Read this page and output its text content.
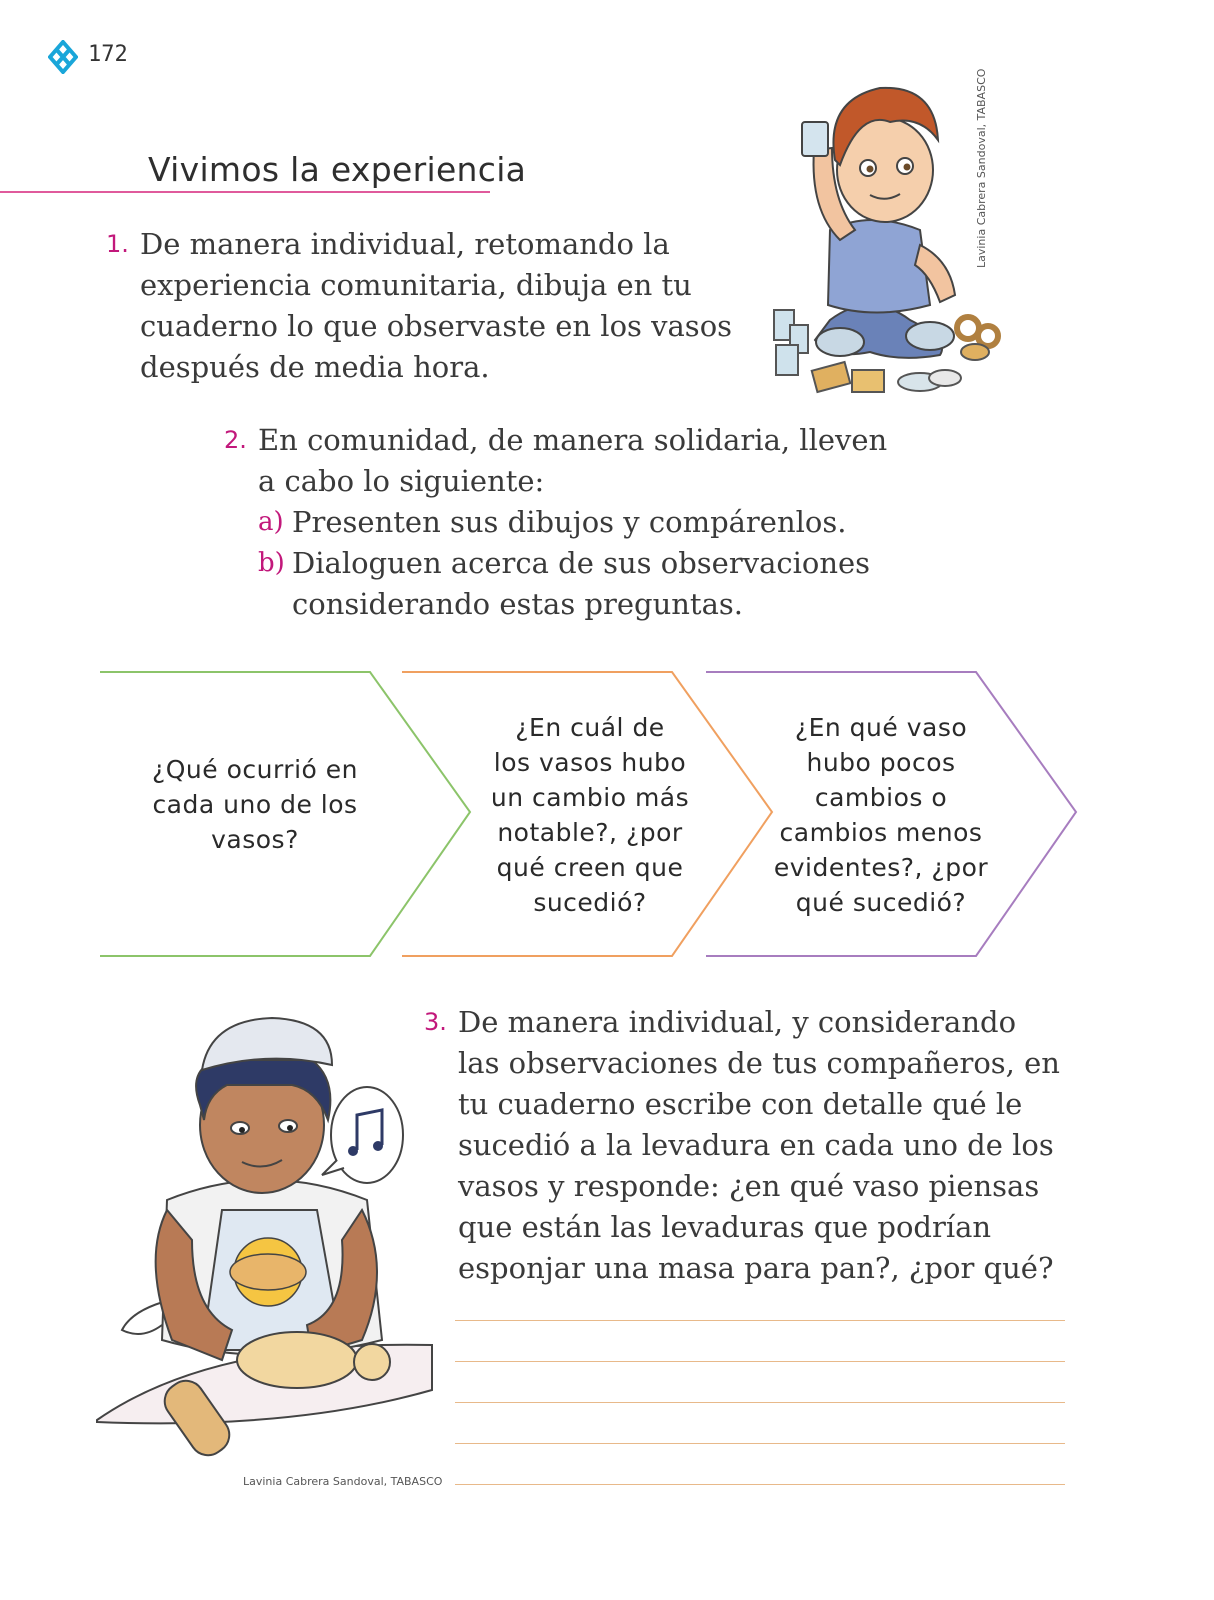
172
Vivimos la experiencia
1. De manera individual, retomando la
experiencia comunitaria, dibuja en tu
cuaderno lo que observaste en los vasos
después de media hora.
Lavinia Cabrera Sandoval, TABASCO
2. En comunidad, de manera solidaria, lleven
a cabo lo siguiente:
a) Presenten sus dibujos y compárenlos.
b) Dialoguen acerca de sus observaciones
considerando estas preguntas.
¿Qué ocurrió en
cada uno de los
vasos?
¿En cuál de
los vasos hubo
un cambio más
notable?, ¿por
qué creen que
sucedió?
¿En qué vaso
hubo pocos
cambios o
cambios menos
evidentes?, ¿por
qué sucedió?
Lavinia Cabrera Sandoval, TABASCO
3. De manera individual, y considerando
las observaciones de tus compañeros, en
tu cuaderno escribe con detalle qué le
sucedió a la levadura en cada uno de los
vasos y responde: ¿en qué vaso piensas
que están las levaduras que podrían
esponjar una masa para pan?, ¿por qué?
